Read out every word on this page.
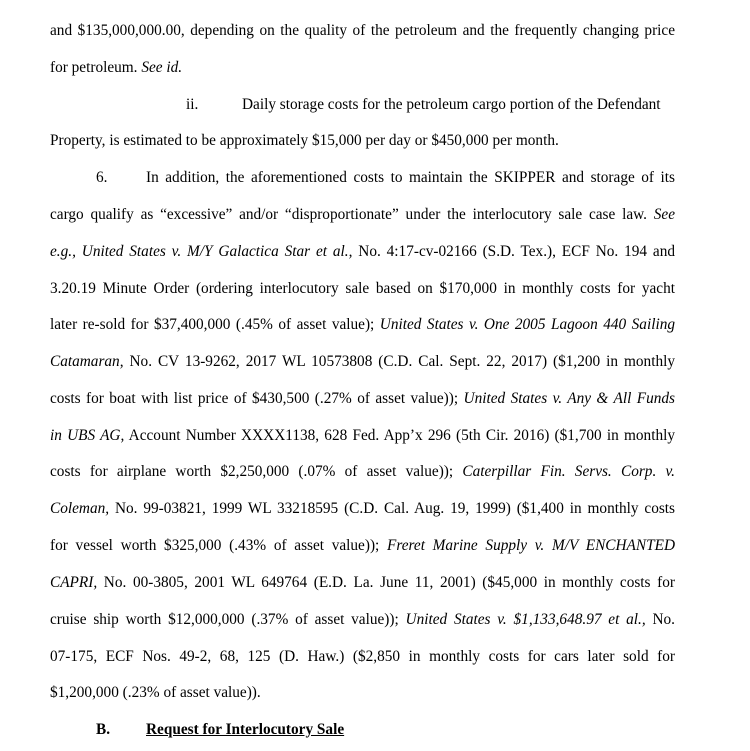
and $135,000,000.00, depending on the quality of the petroleum and the frequently changing price

for petroleum. See id.

ii.	Daily storage costs for the petroleum cargo portion of the Defendant

Property, is estimated to be approximately $15,000 per day or $450,000 per month.

6.	In addition, the aforementioned costs to maintain the SKIPPER and storage of its

cargo qualify as “excessive” and/or “disproportionate” under the interlocutory sale case law. See

e.g., United States v. M/Y Galactica Star et al., No. 4:17-cv-02166 (S.D. Tex.), ECF No. 194 and

3.20.19 Minute Order (ordering interlocutory sale based on $170,000 in monthly costs for yacht

later re-sold for $37,400,000 (.45% of asset value); United States v. One 2005 Lagoon 440 Sailing

Catamaran, No. CV 13-9262, 2017 WL 10573808 (C.D. Cal. Sept. 22, 2017) ($1,200 in monthly

costs for boat with list price of $430,500 (.27% of asset value)); United States v. Any & All Funds

in UBS AG, Account Number XXXX1138, 628 Fed. App’x 296 (5th Cir. 2016) ($1,700 in monthly

costs for airplane worth $2,250,000 (.07% of asset value)); Caterpillar Fin. Servs. Corp. v.

Coleman, No. 99-03821, 1999 WL 33218595 (C.D. Cal. Aug. 19, 1999) ($1,400 in monthly costs

for vessel worth $325,000 (.43% of asset value)); Freret Marine Supply v. M/V ENCHANTED

CAPRI, No. 00-3805, 2001 WL 649764 (E.D. La. June 11, 2001) ($45,000 in monthly costs for

cruise ship worth $12,000,000 (.37% of asset value)); United States v. $1,133,648.97 et al., No.

07-175, ECF Nos. 49-2, 68, 125 (D. Haw.) ($2,850 in monthly costs for cars later sold for

$1,200,000 (.23% of asset value)).

B. Request for Interlocutory Sale
